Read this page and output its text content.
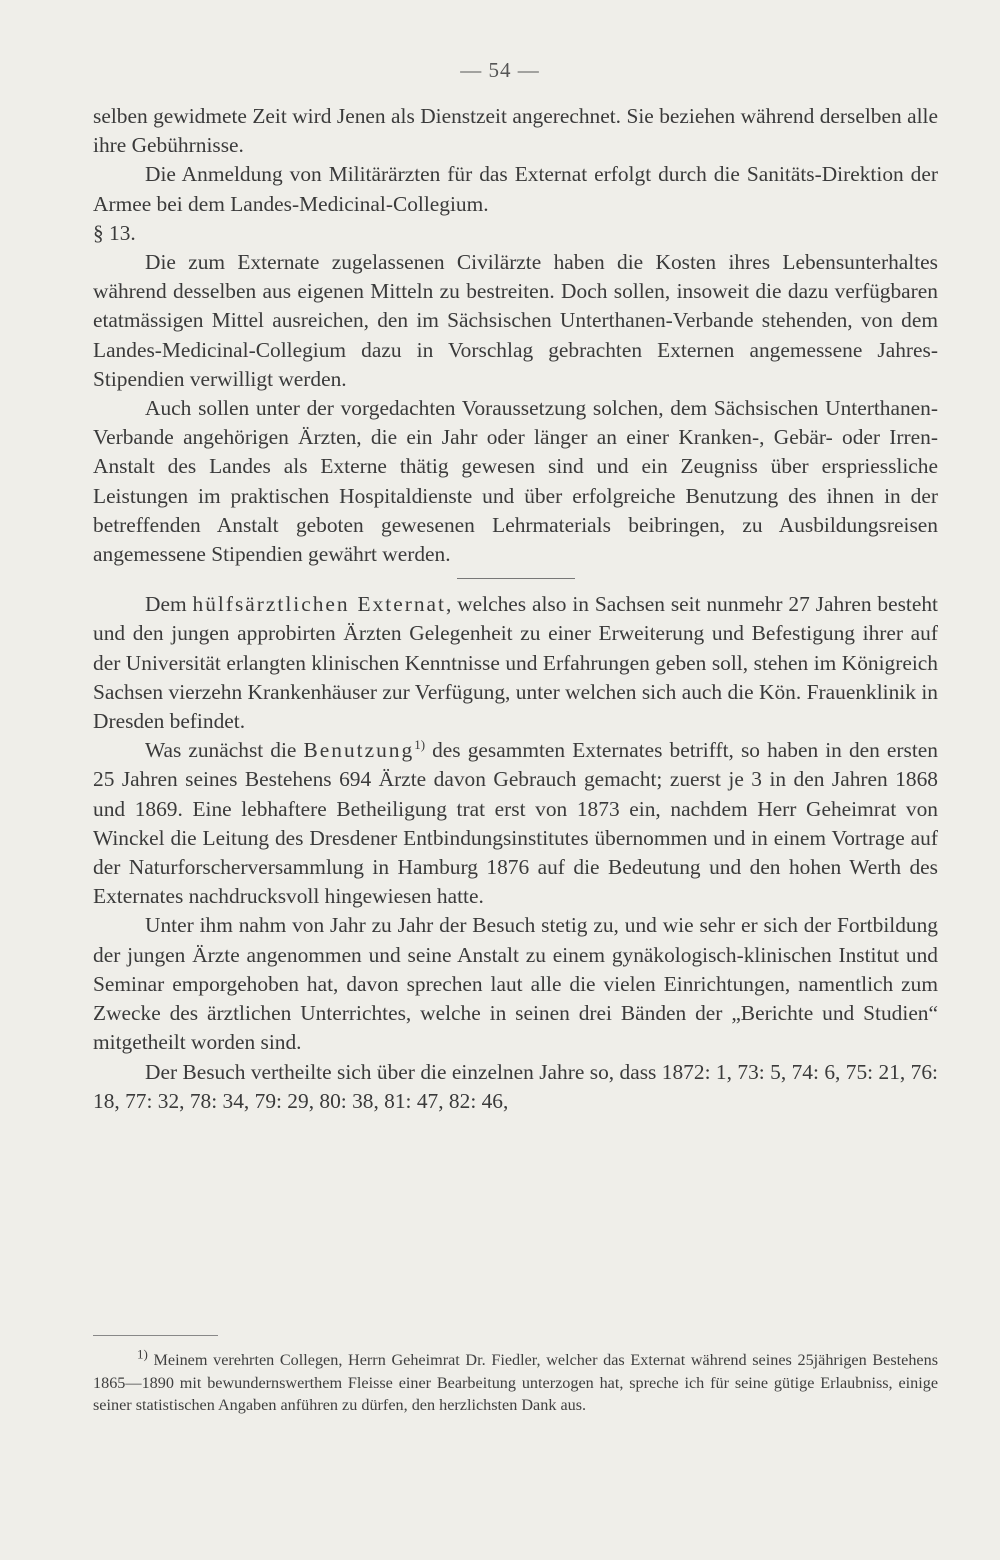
— 54 —

selben gewidmete Zeit wird Jenen als Dienstzeit angerechnet. Sie beziehen während derselben alle ihre Gebührnisse.

Die Anmeldung von Militärärzten für das Externat erfolgt durch die Sanitäts-Direktion der Armee bei dem Landes-Medicinal-Collegium.

§ 13.

Die zum Externate zugelassenen Civilärzte haben die Kosten ihres Lebensunterhaltes während desselben aus eigenen Mitteln zu bestreiten. Doch sollen, insoweit die dazu verfügbaren etatmässigen Mittel ausreichen, den im Sächsischen Unterthanen-Verbande stehenden, von dem Landes-Medicinal-Collegium dazu in Vorschlag gebrachten Externen angemessene Jahres-Stipendien verwilligt werden.

Auch sollen unter der vorgedachten Voraussetzung solchen, dem Sächsischen Unterthanen-Verbande angehörigen Ärzten, die ein Jahr oder länger an einer Kranken-, Gebär- oder Irren-Anstalt des Landes als Externe thätig gewesen sind und ein Zeugniss über erspriessliche Leistungen im praktischen Hospitaldienste und über erfolgreiche Benutzung des ihnen in der betreffenden Anstalt geboten gewesenen Lehrmaterials beibringen, zu Ausbildungsreisen angemessene Stipendien gewährt werden.

Dem hülfsärztlichen Externat, welches also in Sachsen seit nunmehr 27 Jahren besteht und den jungen approbirten Ärzten Gelegenheit zu einer Erweiterung und Befestigung ihrer auf der Universität erlangten klinischen Kenntnisse und Erfahrungen geben soll, stehen im Königreich Sachsen vierzehn Krankenhäuser zur Verfügung, unter welchen sich auch die Kön. Frauenklinik in Dresden befindet.

Was zunächst die Benutzung$^{1)}$ des gesammten Externates betrifft, so haben in den ersten 25 Jahren seines Bestehens 694 Ärzte davon Gebrauch gemacht; zuerst je 3 in den Jahren 1868 und 1869. Eine lebhaftere Betheiligung trat erst von 1873 ein, nachdem Herr Geheimrat von Winckel die Leitung des Dresdener Entbindungsinstitutes übernommen und in einem Vortrage auf der Naturforscherversammlung in Hamburg 1876 auf die Bedeutung und den hohen Werth des Externates nachdrucksvoll hingewiesen hatte.

Unter ihm nahm von Jahr zu Jahr der Besuch stetig zu, und wie sehr er sich der Fortbildung der jungen Ärzte angenommen und seine Anstalt zu einem gynäkologisch-klinischen Institut und Seminar emporgehoben hat, davon sprechen laut alle die vielen Einrichtungen, namentlich zum Zwecke des ärztlichen Unterrichtes, welche in seinen drei Bänden der „Berichte und Studien“ mitgetheilt worden sind.

Der Besuch vertheilte sich über die einzelnen Jahre so, dass 1872: 1, 73: 5, 74: 6, 75: 21, 76: 18, 77: 32, 78: 34, 79: 29, 80: 38, 81: 47, 82: 46,

$^{1)}$ Meinem verehrten Collegen, Herrn Geheimrat Dr. Fiedler, welcher das Externat während seines 25jährigen Bestehens 1865—1890 mit bewundernswerthem Fleisse einer Bearbeitung unterzogen hat, spreche ich für seine gütige Erlaubniss, einige seiner statistischen Angaben anführen zu dürfen, den herzlichsten Dank aus.
